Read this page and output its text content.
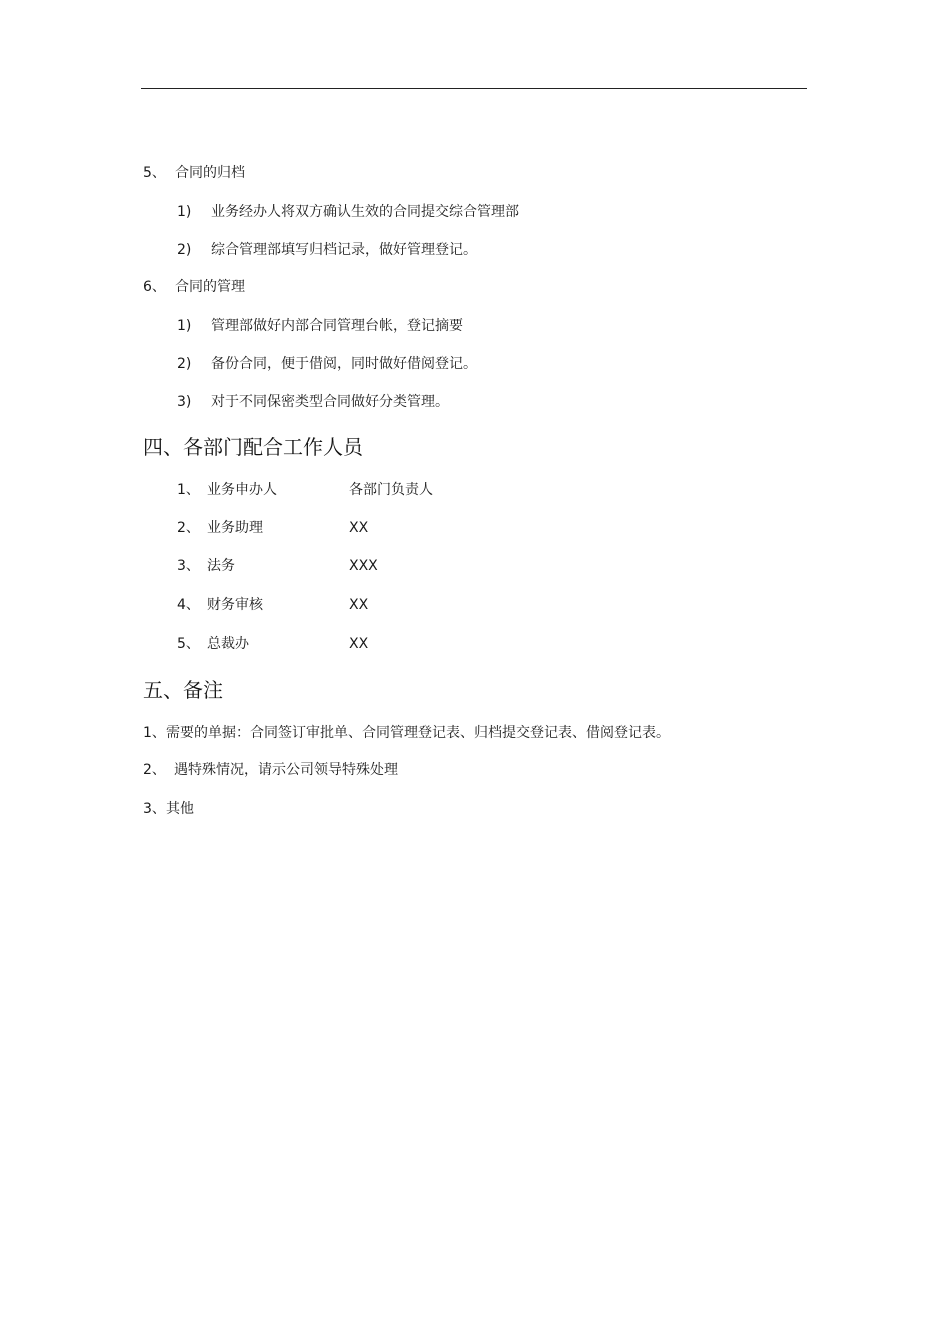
5、 合同的归档
1) 业务经办人将双方确认生效的合同提交综合管理部
2) 综合管理部填写归档记录，做好管理登记。
6、 合同的管理
1) 管理部做好内部合同管理台帐，登记摘要
2) 备份合同，便于借阅，同时做好借阅登记。
3) 对于不同保密类型合同做好分类管理。
四、各部门配合工作人员
1、 业务申办人	各部门负责人
2、 业务助理	XX
3、 法务	XXX
4、 财务审核	XX
5、 总裁办	XX
五、备注
1、 需要的单据：合同签订审批单、合同管理登记表、归档提交登记表、借阅登记表。
2、 遇特殊情况，请示公司领导特殊处理
3、 其他
